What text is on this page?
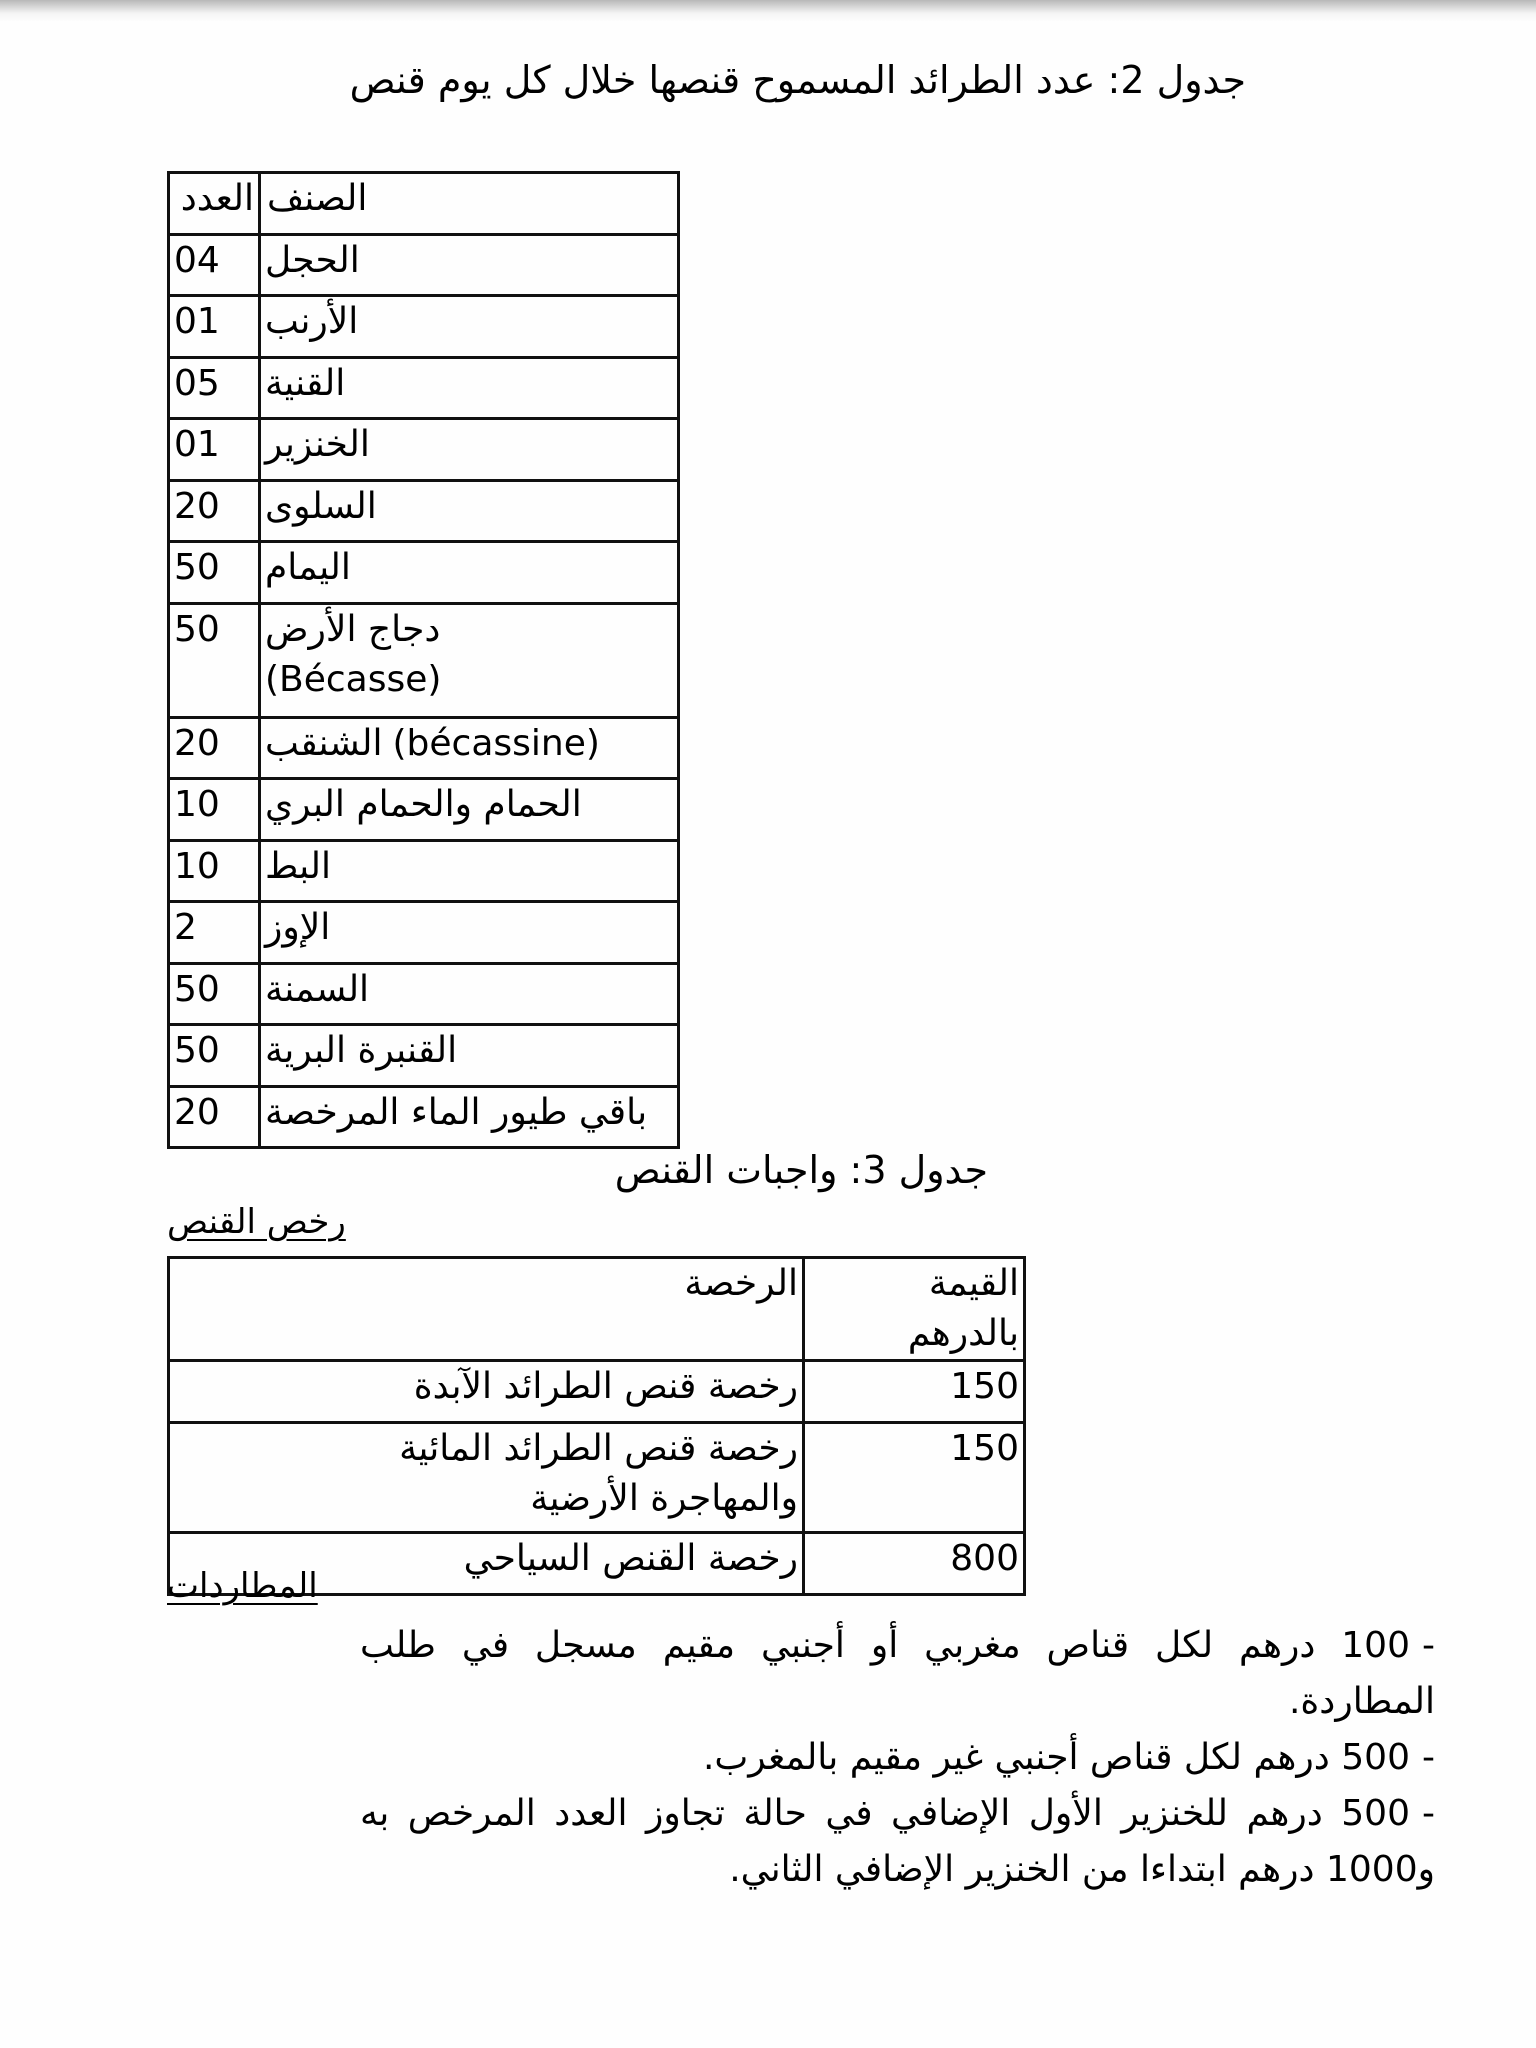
جدول 2: عدد الطرائد المسموح قنصها خلال كل يوم قنص
العدد	الصنف
04	الحجل
01	الأرنب
05	القنية
01	الخنزير
20	السلوى
50	اليمام
50	دجاج الأرض
(Bécasse)
20	الشنقب (bécassine)

10	الحمام والحمام البري
10	البط
2	الإوز
50	السمنة
50	القنبرة البرية
20	باقي طيور الماء المرخصة
جدول 3: واجبات القنص
رخص القنص
الرخصة	القيمة بالدرهم
رخصة قنص الطرائد الآبدة	150
رخصة قنص الطرائد المائية والمهاجرة الأرضية	150
رخصة القنص السياحي	800
المطاردات

-100 درهم لكل قناص مغربي أو أجنبي مقيم مسجل في طلب المطاردة.

-500 درهم لكل قناص أجنبي غير مقيم بالمغرب.

-500 درهم للخنزير الأول الإضافي في حالة تجاوز العدد المرخص به و1000 درهم ابتداءا من الخنزير الإضافي الثاني.
